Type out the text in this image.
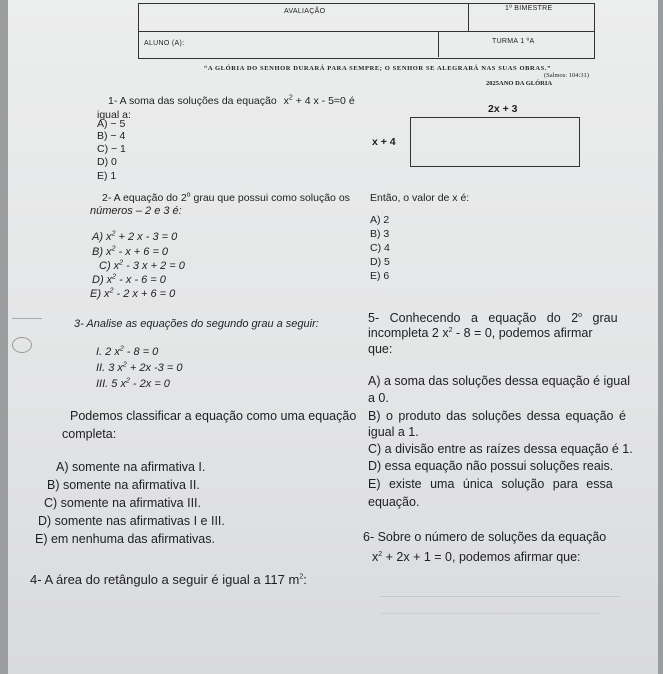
AVALIAÇÃO	1º BIMESTRE
ALUNO (A):	TURMA 1 ºA
“A GLÓRIA DO SENHOR DURARÁ PARA SEMPRE; O SENHOR SE ALEGRARÁ NAS SUAS OBRAS.”
(Salmos: 104:31)
2025ANO DA GLÓRIA
1- A soma das soluções da equação $x^2 + 4$ x - 5=0 é
igual a:
A) − 5
B) − 4
C) − 1
D) 0
E) 1
2x + 3
x + 4
2- A equação do 2$^o$ grau que possui como solução os
números – 2 e 3 é:
A) $x^2 + 2$ x - 3 = 0
B) $x^2 - x + 6 = 0$
C) $x^2 - 3$ x + 2 = 0
D) $x^2 - x - 6 = 0$
E) $x^2 - 2$ x + 6 = 0
Então, o valor de x é:
A) 2
B) 3
C) 4
D) 5
E) 6
3- Analise as equações do segundo grau a seguir:
I. 2 $x^2 - 8 = 0$
II. 3 $x^2 + 2x$ -3 = 0
III. 5 $x^2 - 2x = 0$
Podemos classificar a equação como uma equação
completa:
A) somente na afirmativa I.
B) somente na afirmativa II.
C) somente na afirmativa III.
D) somente nas afirmativas I e III.
E) em nenhuma das afirmativas.
5- Conhecendo a equação do 2$^o$ grau
incompleta 2 $x^2 - 8 = 0$, podemos afirmar
que:
A) a soma das soluções dessa equação é igual
a 0.
B) o produto das soluções dessa equação é
igual a 1.
C) a divisão entre as raízes dessa equação é 1.
D) essa equação não possui soluções reais.
E) existe uma única solução para essa
equação.
6- Sobre o número de soluções da equação
$x^2 + 2x + 1 = 0$, podemos afirmar que:
4- A área do retângulo a seguir é igual a 117 $m^2$:
